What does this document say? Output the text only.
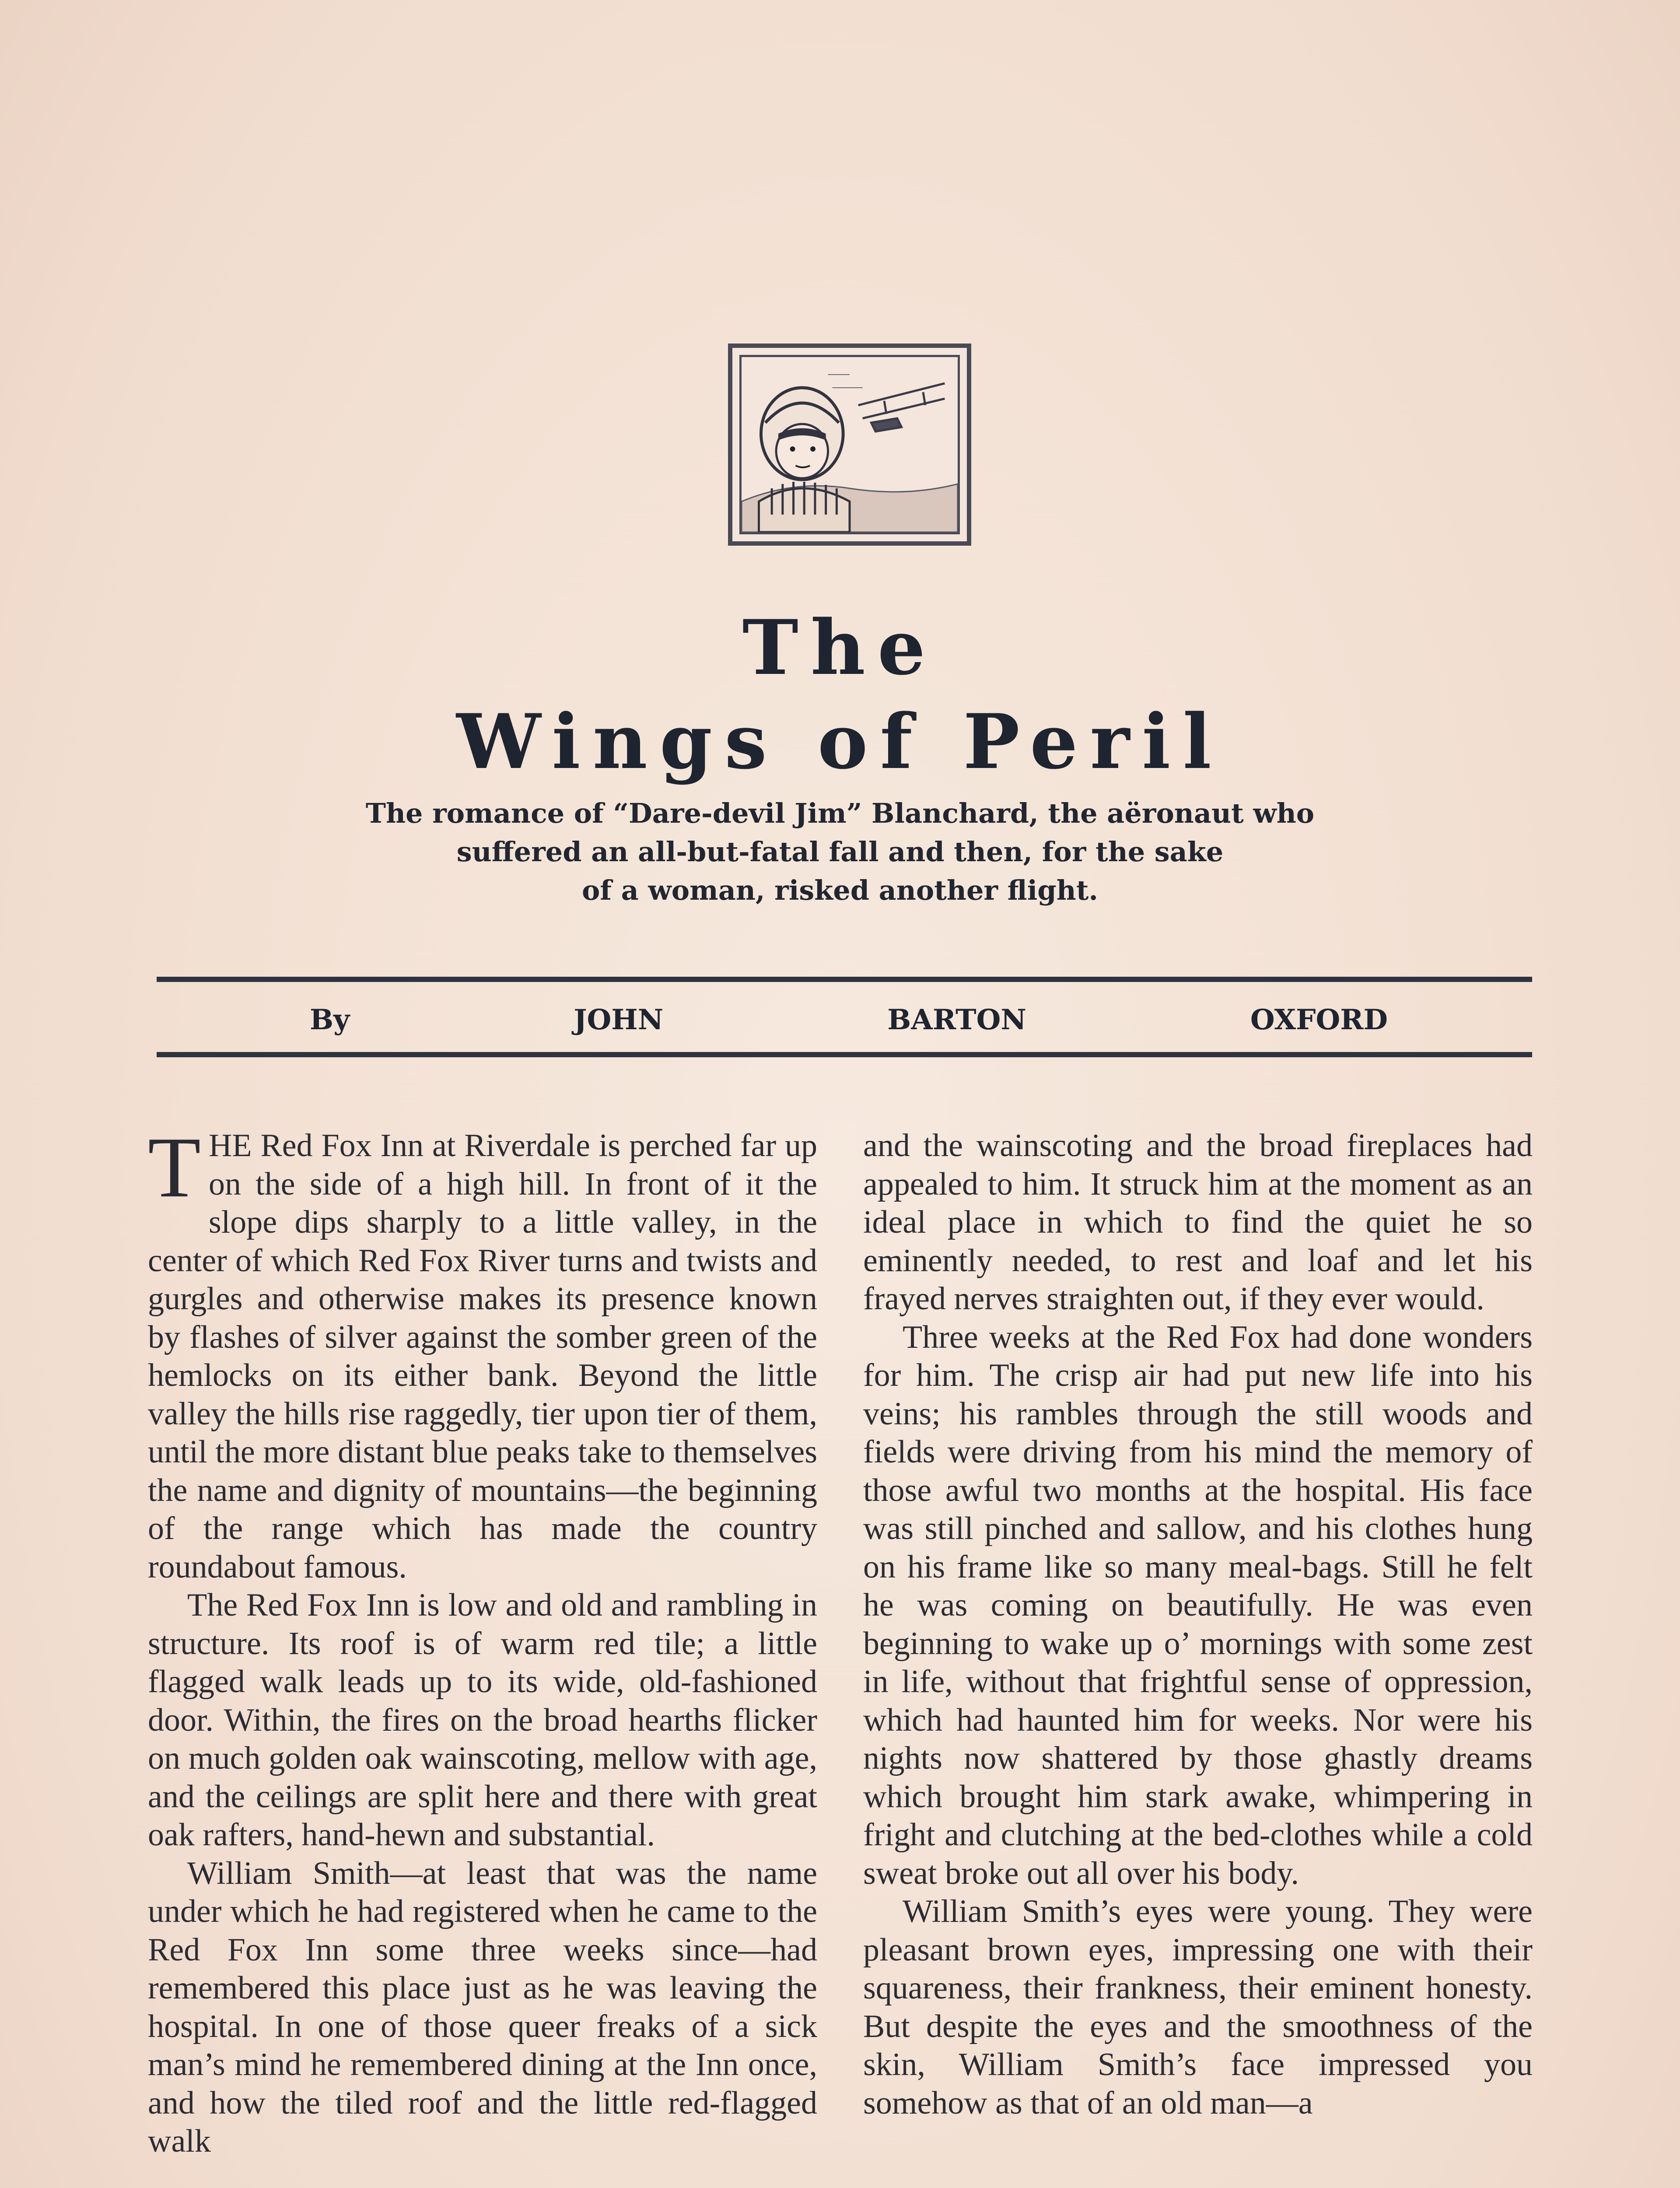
The
Wings of Peril
The romance of “Dare-devil Jim” Blanchard, the aëronaut who
suffered an all-but-fatal fall and then, for the sake
of a woman, risked another flight.
By	JOHN	BARTON	OXFORD

THE Red Fox Inn at Riverdale is perched far up on the side of a high hill. In front of it the slope dips sharply to a little valley, in the center of which Red Fox River turns and twists and gurgles and otherwise makes its presence known by flashes of silver against the somber green of the hemlocks on its either bank. Beyond the little valley the hills rise raggedly, tier upon tier of them, until the more distant blue peaks take to themselves the name and dignity of mountains—the beginning of the range which has made the country roundabout famous.

The Red Fox Inn is low and old and rambling in structure. Its roof is of warm red tile; a little flagged walk leads up to its wide, old-fashioned door. Within, the fires on the broad hearths flicker on much golden oak wainscoting, mellow with age, and the ceilings are split here and there with great oak rafters, hand-hewn and substantial.

William Smith—at least that was the name under which he had registered when he came to the Red Fox Inn some three weeks since—had remembered this place just as he was leaving the hospital. In one of those queer freaks of a sick man’s mind he remembered dining at the Inn once, and how the tiled roof and the little red-flagged walk

and the wainscoting and the broad fireplaces had appealed to him. It struck him at the moment as an ideal place in which to find the quiet he so eminently needed, to rest and loaf and let his frayed nerves straighten out, if they ever would.

Three weeks at the Red Fox had done wonders for him. The crisp air had put new life into his veins; his rambles through the still woods and fields were driving from his mind the memory of those awful two months at the hospital. His face was still pinched and sallow, and his clothes hung on his frame like so many meal-bags. Still he felt he was coming on beautifully. He was even beginning to wake up o’ mornings with some zest in life, without that frightful sense of oppression, which had haunted him for weeks. Nor were his nights now shattered by those ghastly dreams which brought him stark awake, whimpering in fright and clutching at the bed-clothes while a cold sweat broke out all over his body.

William Smith’s eyes were young. They were pleasant brown eyes, impressing one with their squareness, their frankness, their eminent honesty. But despite the eyes and the smoothness of the skin, William Smith’s face impressed you somehow as that of an old man—a
